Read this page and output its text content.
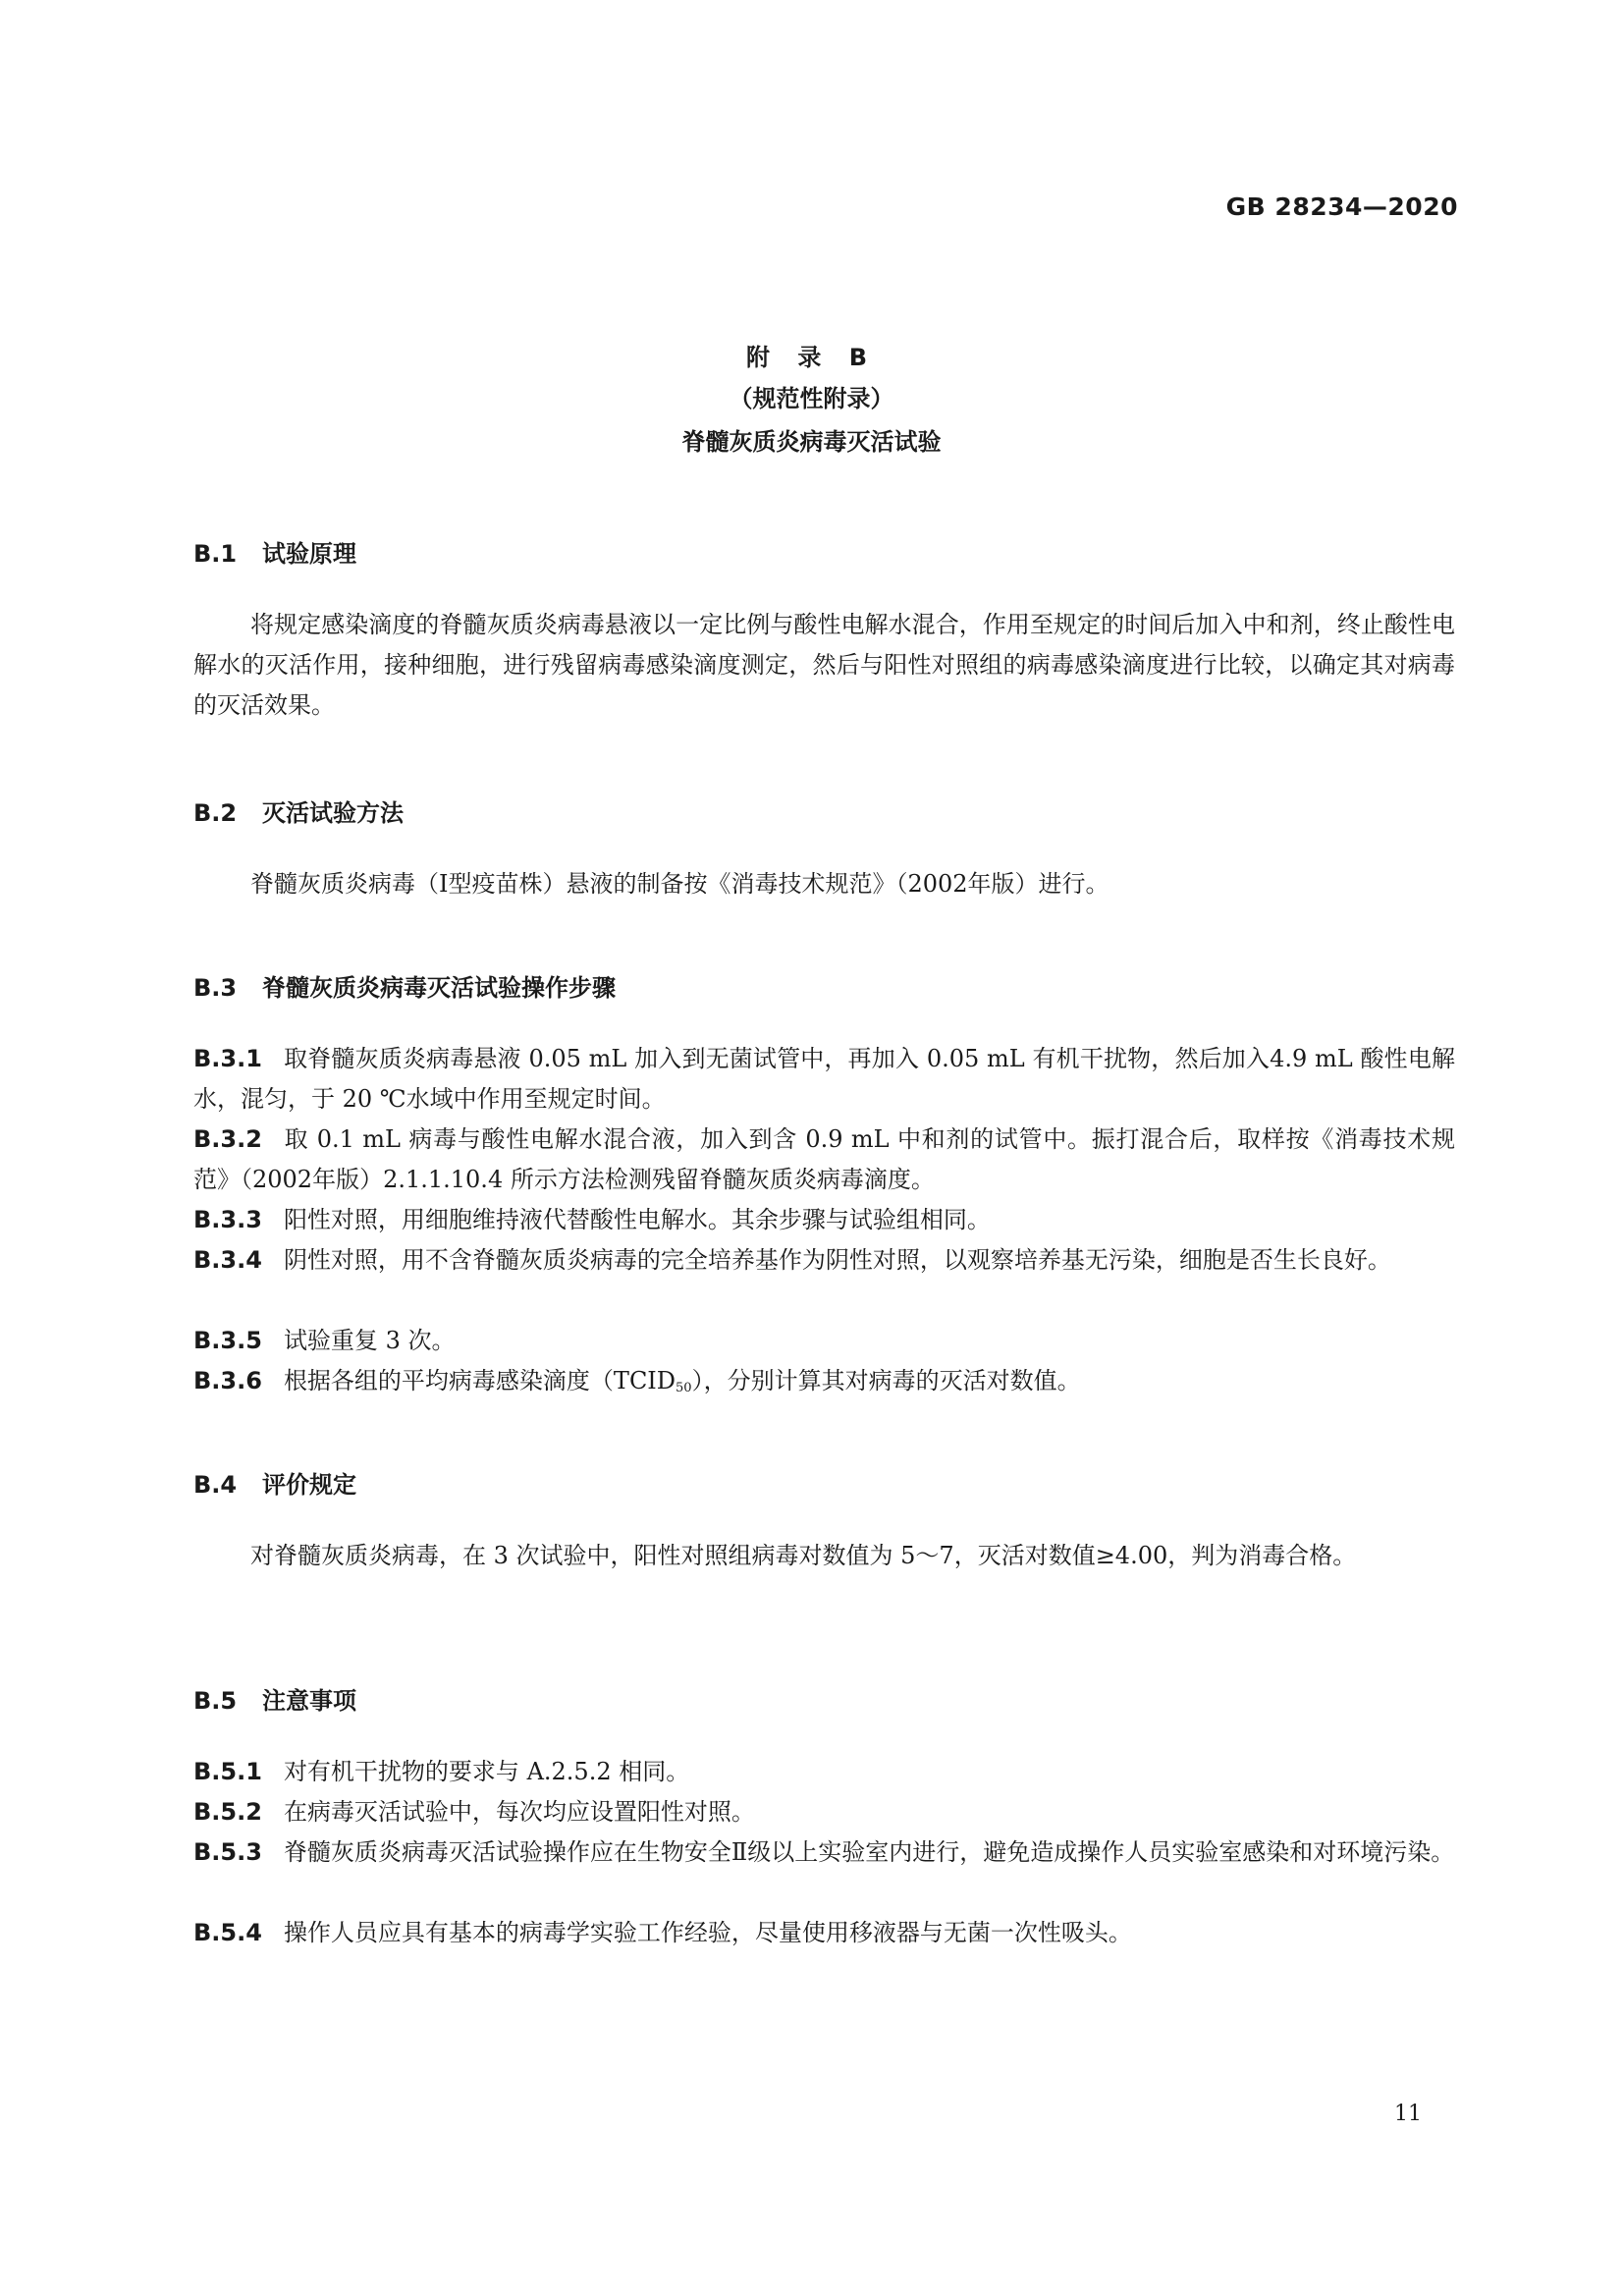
GB 28234—2020
附 录 B
（规范性附录）
脊髓灰质炎病毒灭活试验
B.1 试验原理
将规定感染滴度的脊髓灰质炎病毒悬液以一定比例与酸性电解水混合，作用至规定的时间后加入中和剂，终止酸性电解水的灭活作用，接种细胞，进行残留病毒感染滴度测定，然后与阳性对照组的病毒感染滴度进行比较，以确定其对病毒的灭活效果。
B.2 灭活试验方法
脊髓灰质炎病毒（Ⅰ型疫苗株）悬液的制备按《消毒技术规范》（2002年版）进行。
B.3 脊髓灰质炎病毒灭活试验操作步骤
B.3.1 取脊髓灰质炎病毒悬液 0.05 mL 加入到无菌试管中，再加入 0.05 mL 有机干扰物，然后加入4.9 mL 酸性电解水，混匀，于 20 ℃水域中作用至规定时间。
B.3.2 取 0.1 mL 病毒与酸性电解水混合液，加入到含 0.9 mL 中和剂的试管中。振打混合后，取样按《消毒技术规范》（2002年版）2.1.1.10.4 所示方法检测残留脊髓灰质炎病毒滴度。
B.3.3 阳性对照，用细胞维持液代替酸性电解水。其余步骤与试验组相同。
B.3.4 阴性对照，用不含脊髓灰质炎病毒的完全培养基作为阴性对照，以观察培养基无污染，细胞是否生长良好。
B.3.5 试验重复 3 次。
B.3.6 根据各组的平均病毒感染滴度$(TCID_{50})$，分别计算其对病毒的灭活对数值。
B.4 评价规定
对脊髓灰质炎病毒，在 3 次试验中，阳性对照组病毒对数值为 5～7，灭活对数值≥4.00，判为消毒合格。
B.5 注意事项
B.5.1 对有机干扰物的要求与 A.2.5.2 相同。
B.5.2 在病毒灭活试验中，每次均应设置阳性对照。
B.5.3 脊髓灰质炎病毒灭活试验操作应在生物安全Ⅱ级以上实验室内进行，避免造成操作人员实验室感染和对环境污染。
B.5.4 操作人员应具有基本的病毒学实验工作经验，尽量使用移液器与无菌一次性吸头。
11
